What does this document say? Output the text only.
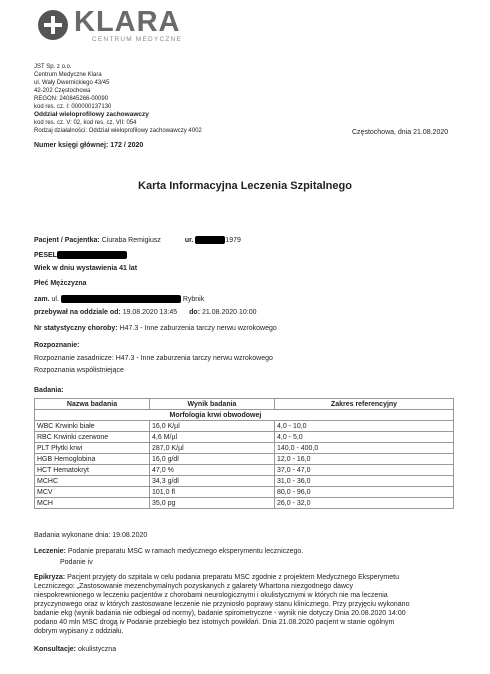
KLARA
CENTRUM MEDYCZNE
JST Sp. z o.o.
Centrum Medyczne Klara
ul. Wały Dwernickiego 43/45
42-202 Częstochowa
REGON: 240845266-00090
kod res. cz. I: 000000137130
Oddział wieloprofilowy zachowawczy
kod res. cz. V: 02, kod res. cz. VII: 054
Rodzaj działalności: Oddział wieloprofilowy zachowawczy 4002	Częstochowa, dnia 21.08.2020
Numer księgi głównej: 172 / 2020
Karta Informacyjna Leczenia Szpitalnego
Pacjent / Pacjentka: Ciuraba Remigiusz	ur.	1979
PESEL
Wiek w dniu wystawienia 41 lat
Płeć Mężczyzna
zam. ul.	Rybnik
przebywał na oddziale od: 19.08.2020 13:45 do: 21.08.2020 10:00
Nr statystyczny choroby: H47.3 - Inne zaburzenia tarczy nerwu wzrokowego
Rozpoznanie:
Rozpoznanie zasadnicze: H47.3 - Inne zaburzenia tarczy nerwu wzrokowego
Rozpoznania współistniejące
Badania:
Nazwa badania	Wynik badania	Zakres referencyjny
	Morfologia krwi obwodowej	
WBC Krwinki białe	16,0 K/µl	4,0 - 10,0
RBC Krwinki czerwone	4,6 M/µl	4,0 - 5,0
PLT Płytki krwi	287,0 K/µl	140,0 - 400,0
HGB Hemoglobina	16,0 g/dl	12,0 - 16,0
HCT Hematokryt	47,0 %	37,0 - 47,0
MCHC	34,3 g/dl	31,0 - 36,0
MCV	101,0 fl	80,0 - 96,0
MCH	35,0 pg	26,0 - 32,0
Badania wykonane dnia: 19.08.2020
Leczenie: Podanie preparatu MSC w ramach medycznego eksperymentu leczniczego.
Podanie iv
Epikryza: Pacjent przyjęty do szpitala w celu podania preparatu MSC zgodnie z projektem Medycznego Eksperymetu
Leczniczego: „Zastosowanie mezenchymalnych pozyskanych z galarety Whartona niezgodnego dawcy
niespokrewnionego w leczeniu pacjentów z chorobami neurologicznymi i okulistycznymi w których nie ma leczenia
przyczynowego oraz w których zastosowane leczenie nie przyniosło poprawy stanu klinicznego. Przy przyjęciu wykonano
badanie ekg (wynik badania nie odbiegał od normy), badanie spirometryczne - wynik nie dotyczy Dnia 20.08.2020 14:00
podano 40 mln MSC drogą iv Podanie przebiegło bez istotnych powikłań. Dnia 21.08.2020 pacjent w stanie ogólnym
dobrym wypisany z oddziału.
Konsultacje: okulistyczna
